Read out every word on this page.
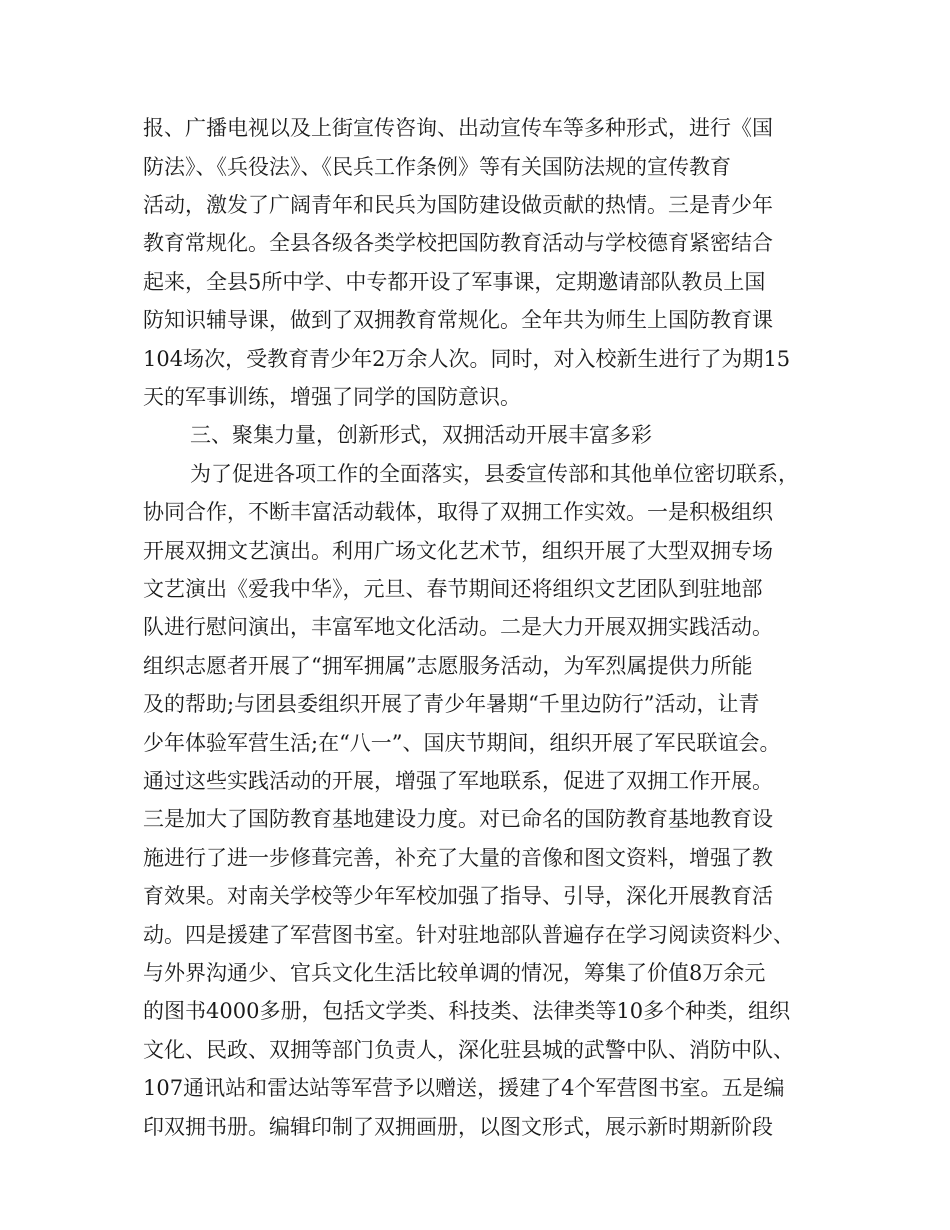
报、广播电视以及上街宣传咨询、出动宣传车等多种形式，进行《国
防法》、《兵役法》、《民兵工作条例》等有关国防法规的宣传教育
活动，激发了广阔青年和民兵为国防建设做贡献的热情。三是青少年
教育常规化。全县各级各类学校把国防教育活动与学校德育紧密结合
起来，全县5所中学、中专都开设了军事课，定期邀请部队教员上国
防知识辅导课，做到了双拥教育常规化。全年共为师生上国防教育课
104场次，受教育青少年2万余人次。同时，对入校新生进行了为期15
天的军事训练，增强了同学的国防意识。
三、聚集力量，创新形式，双拥活动开展丰富多彩
为了促进各项工作的全面落实，县委宣传部和其他单位密切联系，
协同合作，不断丰富活动载体，取得了双拥工作实效。一是积极组织
开展双拥文艺演出。利用广场文化艺术节，组织开展了大型双拥专场
文艺演出《爱我中华》，元旦、春节期间还将组织文艺团队到驻地部
队进行慰问演出，丰富军地文化活动。二是大力开展双拥实践活动。
组织志愿者开展了“拥军拥属”志愿服务活动，为军烈属提供力所能
及的帮助;与团县委组织开展了青少年暑期“千里边防行”活动，让青
少年体验军营生活;在“八一”、国庆节期间，组织开展了军民联谊会。
通过这些实践活动的开展，增强了军地联系，促进了双拥工作开展。
三是加大了国防教育基地建设力度。对已命名的国防教育基地教育设
施进行了进一步修葺完善，补充了大量的音像和图文资料，增强了教
育效果。对南关学校等少年军校加强了指导、引导，深化开展教育活
动。四是援建了军营图书室。针对驻地部队普遍存在学习阅读资料少、
与外界沟通少、官兵文化生活比较单调的情况，筹集了价值8万余元
的图书4000多册，包括文学类、科技类、法律类等10多个种类，组织
文化、民政、双拥等部门负责人，深化驻县城的武警中队、消防中队、
107通讯站和雷达站等军营予以赠送，援建了4个军营图书室。五是编
印双拥书册。编辑印制了双拥画册，以图文形式，展示新时期新阶段
